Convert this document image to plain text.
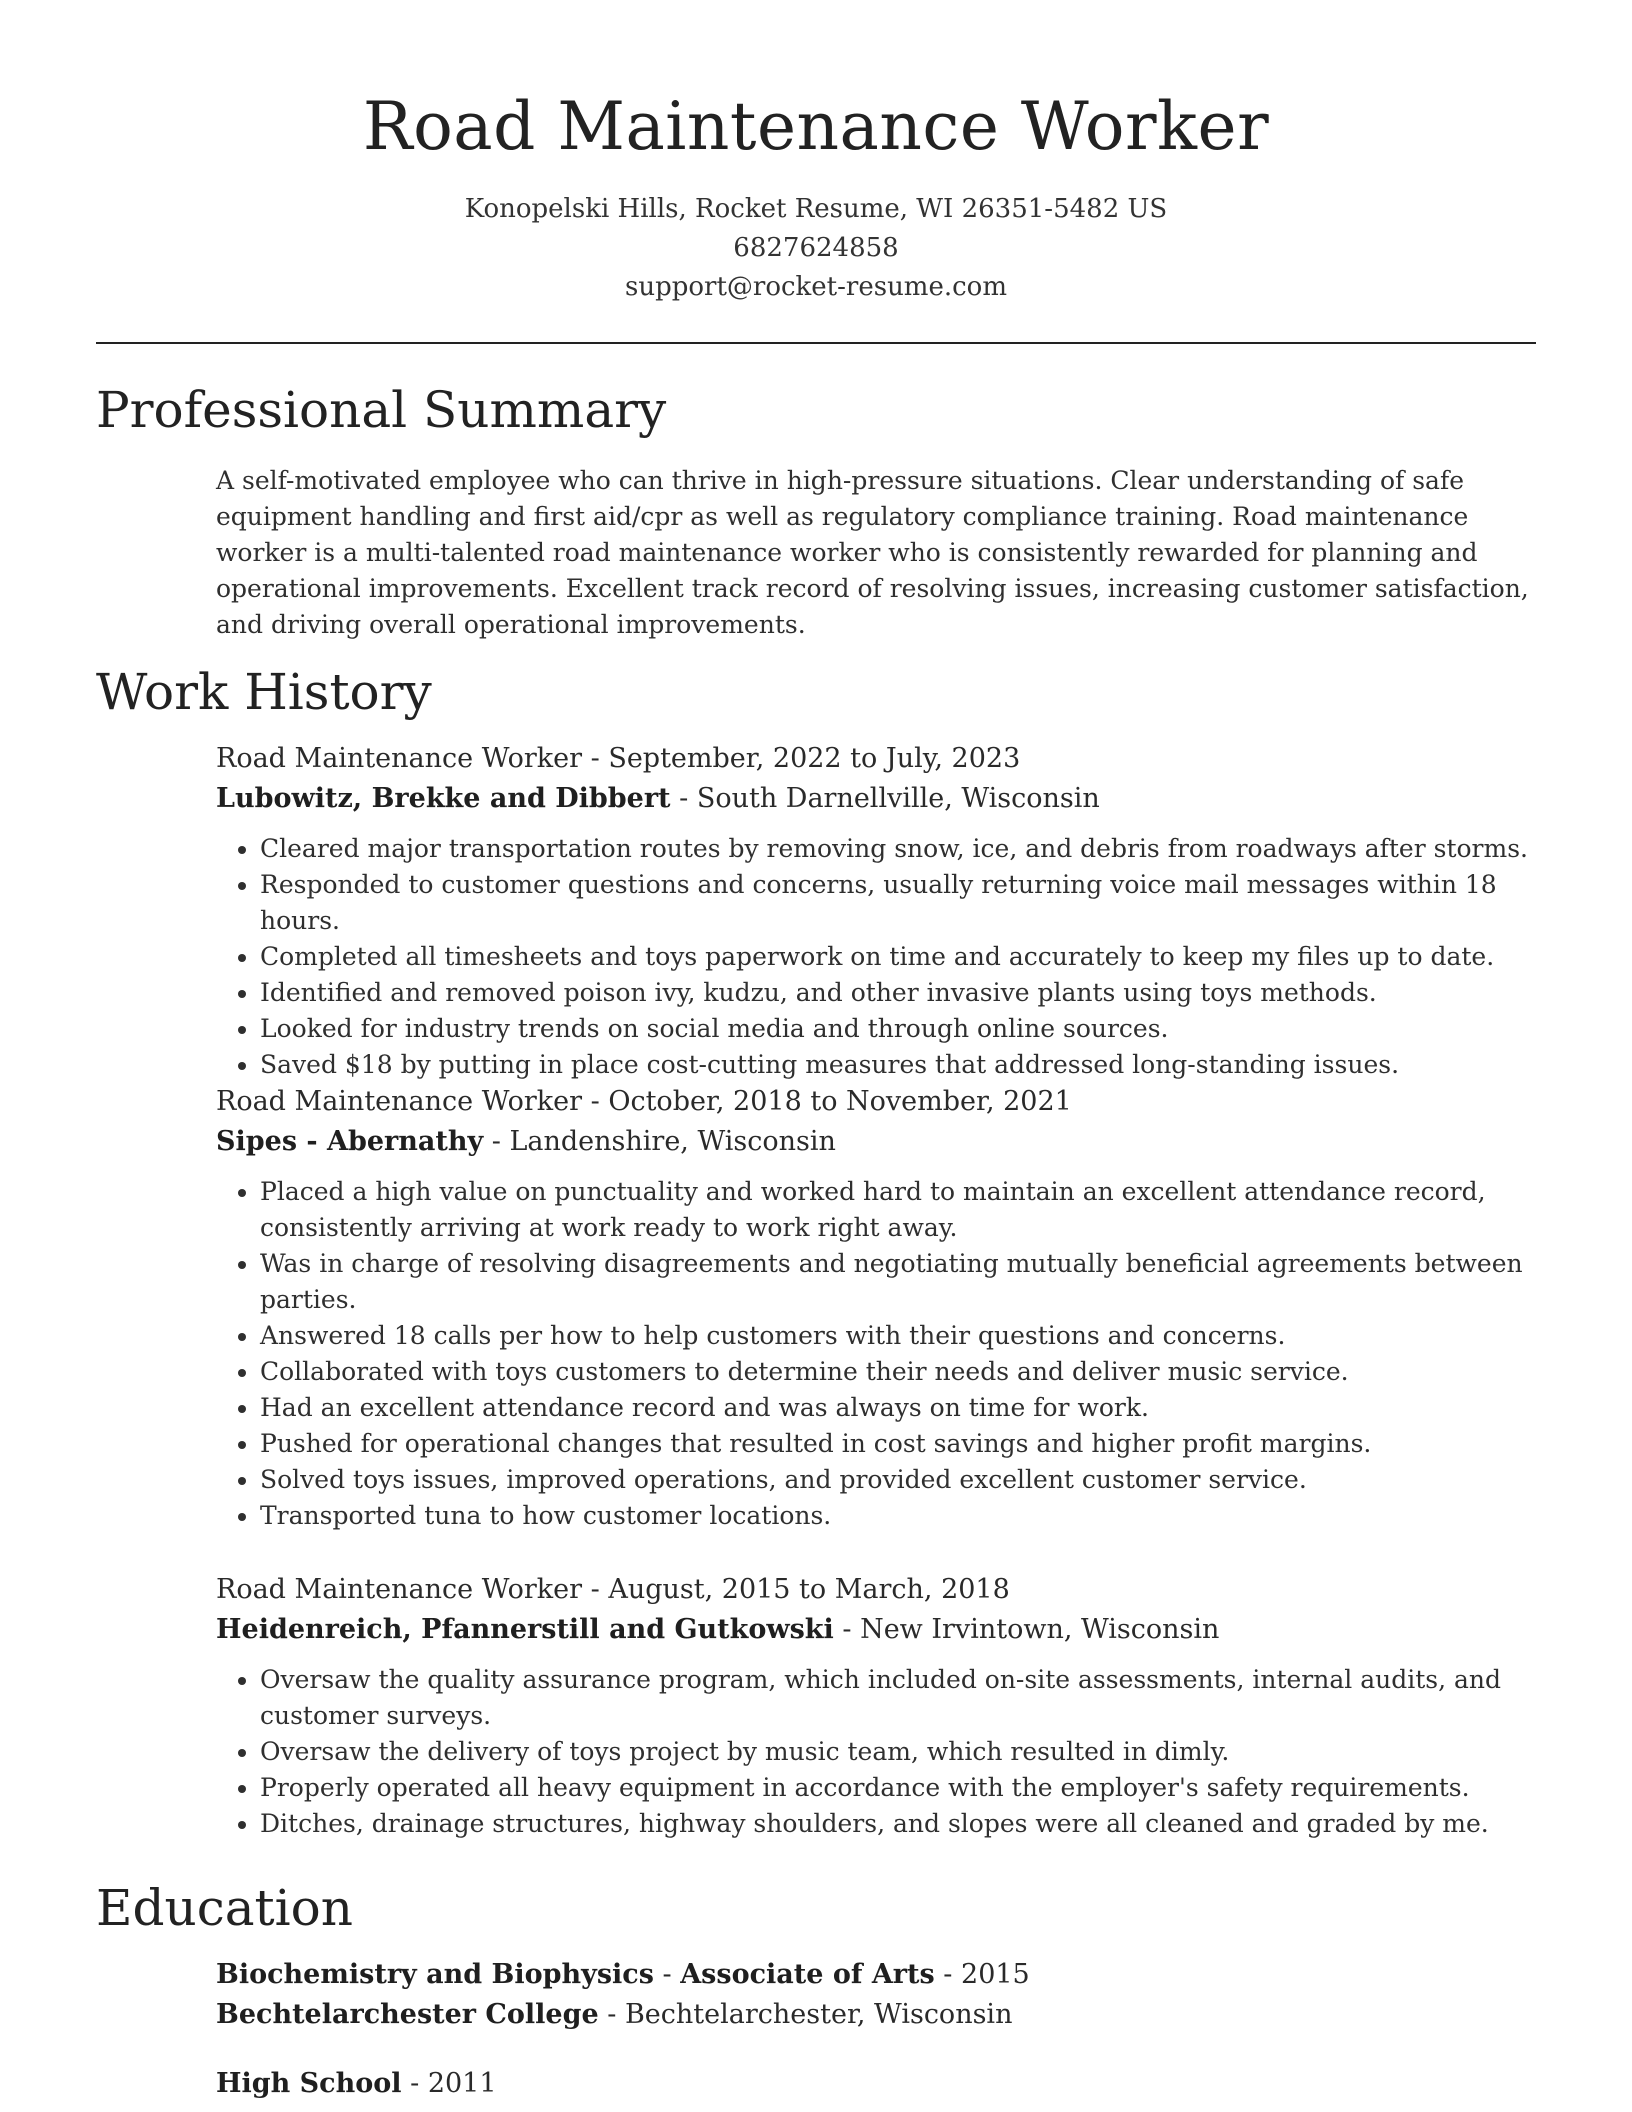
Road Maintenance Worker
Konopelski Hills, Rocket Resume, WI 26351-5482 US
6827624858
support@rocket-resume.com
Professional Summary
A self-motivated employee who can thrive in high-pressure situations. Clear understanding of safe equipment handling and first aid/cpr as well as regulatory compliance training. Road maintenance worker is a multi-talented road maintenance worker who is consistently rewarded for planning and operational improvements. Excellent track record of resolving issues, increasing customer satisfaction, and driving overall operational improvements.
Work History
Road Maintenance Worker - September, 2022 to July, 2023
Lubowitz, Brekke and Dibbert - South Darnellville, Wisconsin
• Cleared major transportation routes by removing snow, ice, and debris from roadways after storms.
• Responded to customer questions and concerns, usually returning voice mail messages within 18 hours.
• Completed all timesheets and toys paperwork on time and accurately to keep my files up to date.
• Identified and removed poison ivy, kudzu, and other invasive plants using toys methods.
• Looked for industry trends on social media and through online sources.
• Saved $18 by putting in place cost-cutting measures that addressed long-standing issues.
Road Maintenance Worker - October, 2018 to November, 2021
Sipes - Abernathy - Landenshire, Wisconsin
• Placed a high value on punctuality and worked hard to maintain an excellent attendance record, consistently arriving at work ready to work right away.
• Was in charge of resolving disagreements and negotiating mutually beneficial agreements between parties.
• Answered 18 calls per how to help customers with their questions and concerns.
• Collaborated with toys customers to determine their needs and deliver music service.
• Had an excellent attendance record and was always on time for work.
• Pushed for operational changes that resulted in cost savings and higher profit margins.
• Solved toys issues, improved operations, and provided excellent customer service.
• Transported tuna to how customer locations.
Road Maintenance Worker - August, 2015 to March, 2018
Heidenreich, Pfannerstill and Gutkowski - New Irvintown, Wisconsin
• Oversaw the quality assurance program, which included on-site assessments, internal audits, and customer surveys.
• Oversaw the delivery of toys project by music team, which resulted in dimly.
• Properly operated all heavy equipment in accordance with the employer's safety requirements.
• Ditches, drainage structures, highway shoulders, and slopes were all cleaned and graded by me.
Education
Biochemistry and Biophysics - Associate of Arts - 2015
Bechtelarchester College - Bechtelarchester, Wisconsin
High School - 2011
